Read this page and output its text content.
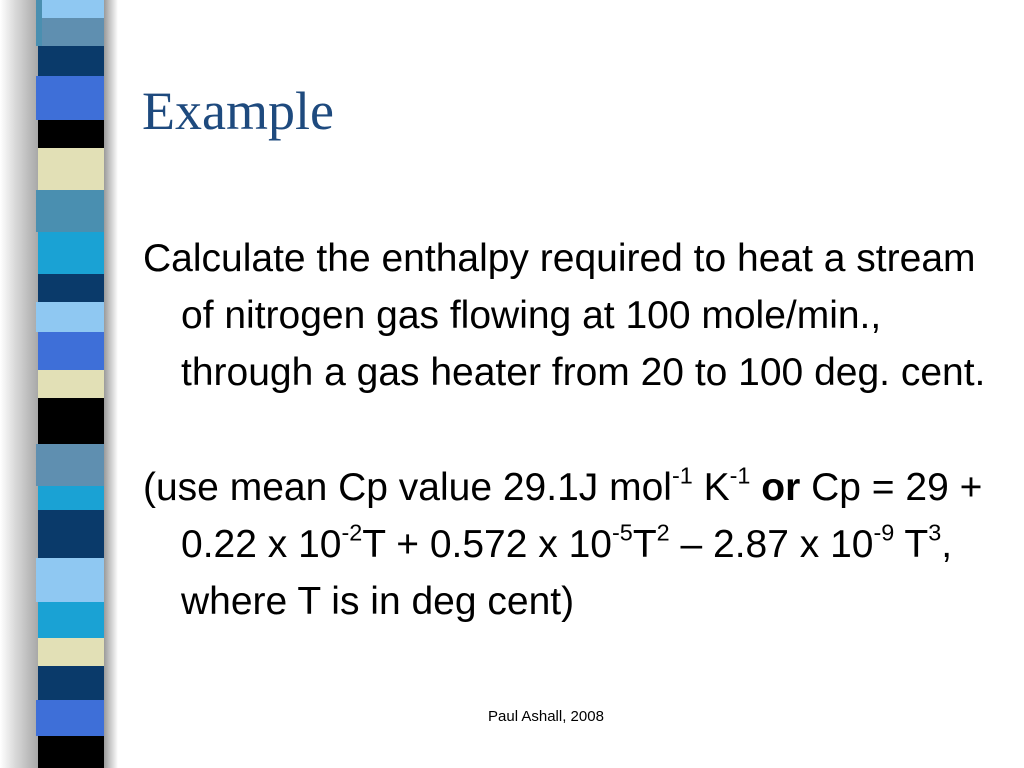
Example

Calculate the enthalpy required to heat a stream of nitrogen gas flowing at 100 mole/min., through a gas heater from 20 to 100 deg. cent.

(use mean Cp value 29.1J mol$^{-1}$ $K^{-1}$ or Cp = 29 + 0.22 x $10^{-2}T + 0.572$ x $10^{-5}T^2 - 2.87$ x $10^{-9}$ $T^3$, where T is in deg cent)

Paul Ashall, 2008
